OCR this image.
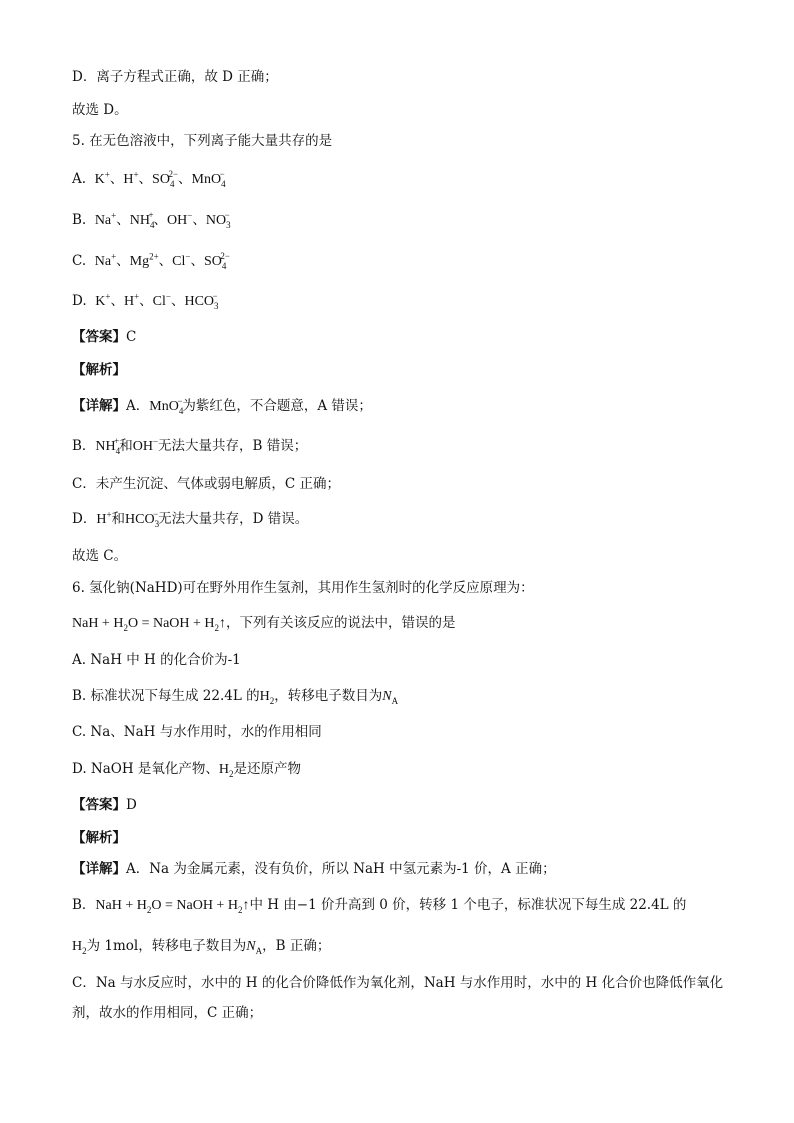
D．离子方程式正确，故 D 正确；
故选 D。
5. 在无色溶液中，下列离子能大量共存的是
A. K+、H+、$SO_4^{2-}$、MnO$_4$−
B. Na+、$NH_4^+$、OH−、$NO_3^-$
C. Na+、$Mg^{2+}$、Cl−、$SO_4^{2-}$
D. K+、H+、Cl−、$HCO_3^-$
【答案】C
【解析】
【详解】A．MnO$_4$−为紫红色，不合题意，A 错误；
B．$NH_4^+$和OH−无法大量共存，B 错误；
C．未产生沉淀、气体或弱电解质，C 正确；
D．H+和$HCO_3^-$无法大量共存，D 错误。
故选 C。
6. 氢化钠(NaHD)可在野外用作生氢剂，其用作生氢剂时的化学反应原理为：
NaH + $H_2O$ = NaOH + $H_2↑$，下列有关该反应的说法中，错误的是
A. NaH 中 H 的化合价为-1
B. 标准状况下每生成 22.4L 的$H_2$，转移电子数目为$N_A$
C. Na、NaH 与水作用时，水的作用相同
D. NaOH 是氧化产物、$H_2$是还原产物
【答案】D
【解析】
【详解】A．Na 为金属元素，没有负价，所以 NaH 中氢元素为-1 价，A 正确；
B．NaH + $H_2O$ = NaOH + $H_2↑$中 H 由−1 价升高到 0 价，转移 1 个电子，标准状况下每生成 22.4L 的
$H_2$为 1mol，转移电子数目为$N_A$，B 正确；
C．Na 与水反应时，水中的 H 的化合价降低作为氧化剂，NaH 与水作用时，水中的 H 化合价也降低作氧化
剂，故水的作用相同，C 正确；
